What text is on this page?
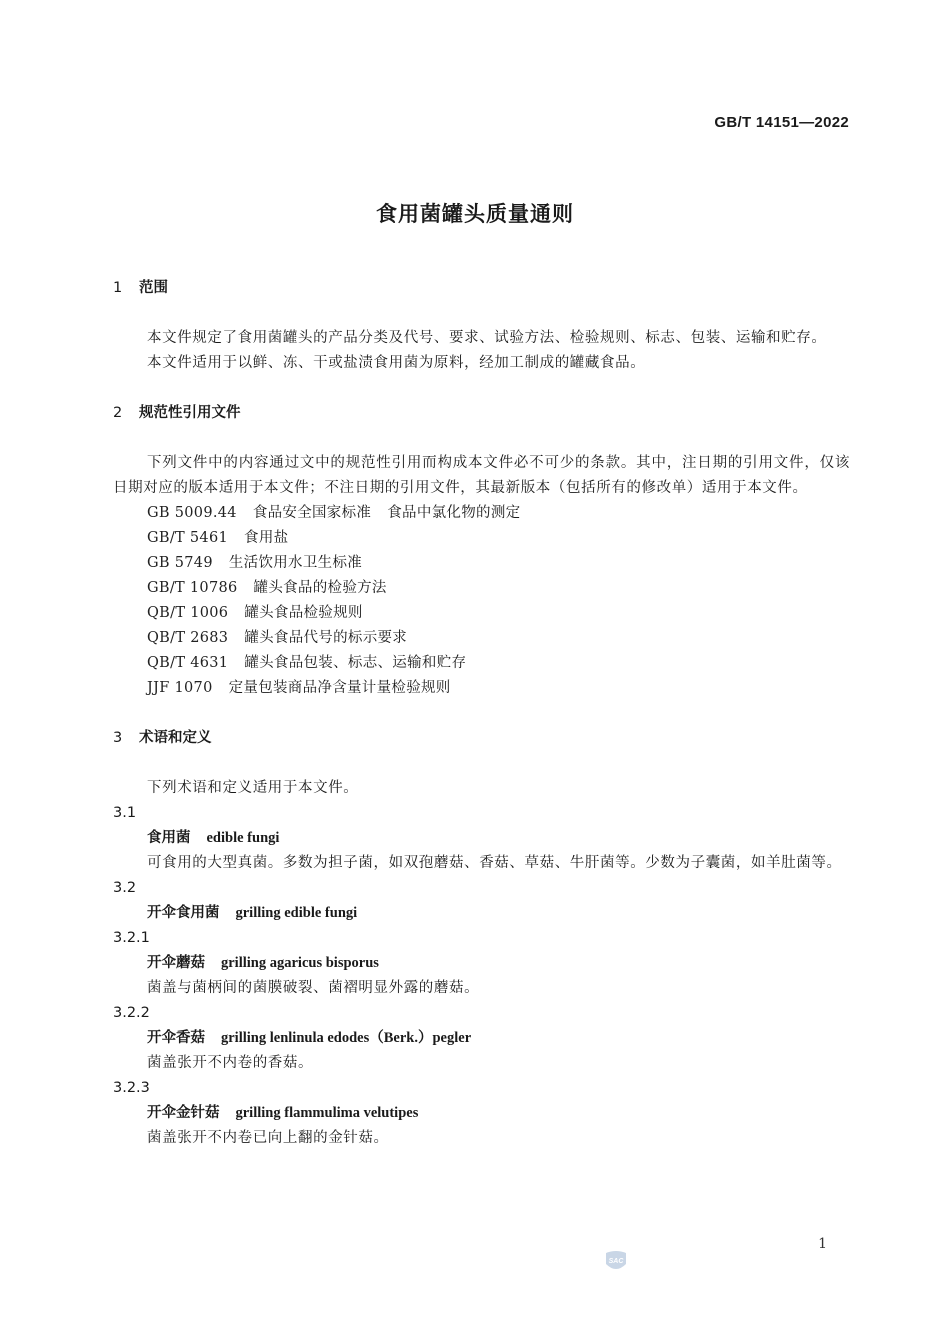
GB/T 14151—2022
食用菌罐头质量通则
1 范围
本文件规定了食用菌罐头的产品分类及代号、要求、试验方法、检验规则、标志、包装、运输和贮存。
本文件适用于以鲜、冻、干或盐渍食用菌为原料，经加工制成的罐藏食品。
2 规范性引用文件
下列文件中的内容通过文中的规范性引用而构成本文件必不可少的条款。其中，注日期的引用文件，仅该日期对应的版本适用于本文件；不注日期的引用文件，其最新版本（包括所有的修改单）适用于本文件。
GB 5009.44 食品安全国家标准 食品中氯化物的测定
GB/T 5461 食用盐
GB 5749 生活饮用水卫生标准
GB/T 10786 罐头食品的检验方法
QB/T 1006 罐头食品检验规则
QB/T 2683 罐头食品代号的标示要求
QB/T 4631 罐头食品包装、标志、运输和贮存
JJF 1070 定量包装商品净含量计量检验规则
3 术语和定义
下列术语和定义适用于本文件。
3.1
食用菌 edible fungi
可食用的大型真菌。多数为担子菌，如双孢蘑菇、香菇、草菇、牛肝菌等。少数为子囊菌，如羊肚菌等。
3.2
开伞食用菌 grilling edible fungi
3.2.1
开伞蘑菇 grilling agaricus bisporus
菌盖与菌柄间的菌膜破裂、菌褶明显外露的蘑菇。
3.2.2
开伞香菇 grilling lenlinula edodes（Berk.）pegler
菌盖张开不内卷的香菇。
3.2.3
开伞金针菇 grilling flammulima velutipes
菌盖张开不内卷已向上翻的金针菇。
1
SAC
